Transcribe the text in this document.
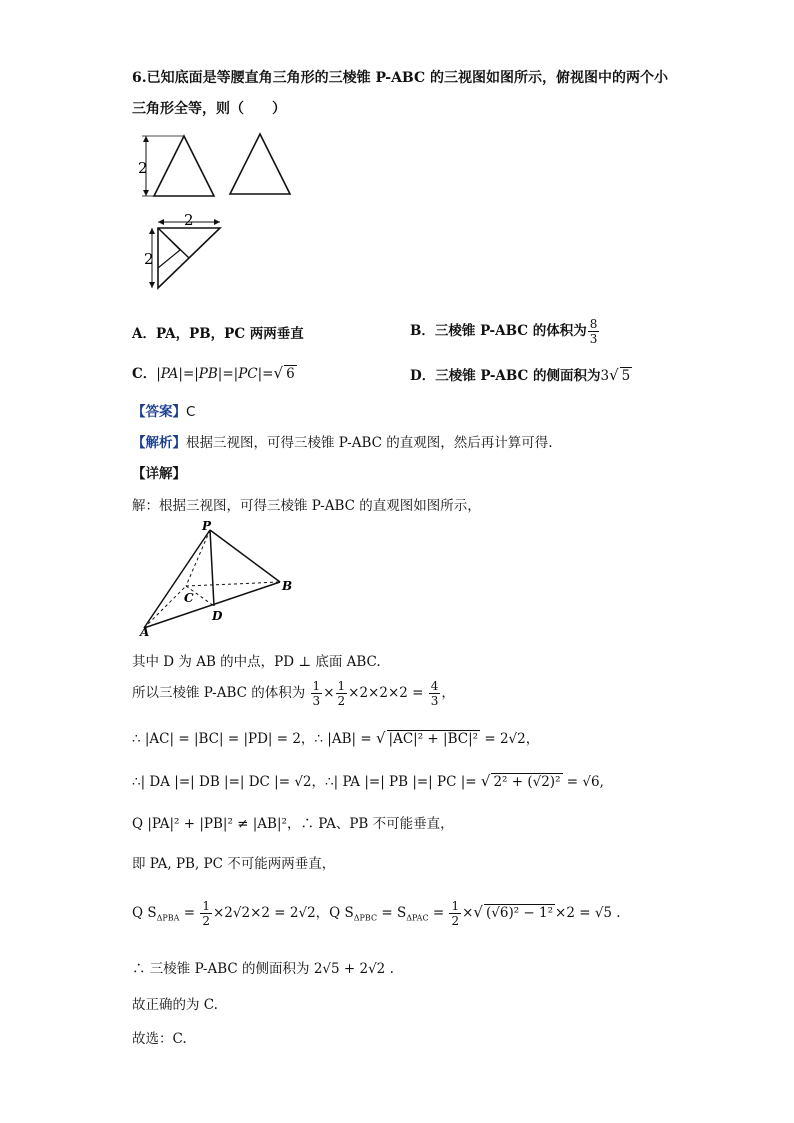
6.已知底面是等腰直角三角形的三棱锥 P-ABC 的三视图如图所示，俯视图中的两个小
三角形全等，则（　　）
2
2
2
A．PA，PB，PC 两两垂直	B．三棱锥 P-ABC 的体积为 $\frac{8}{3}$
C．|PA|=|PB|=|PC|=√ 6	D．三棱锥 P-ABC 的侧面积为3√ 5
【答案】C
【解析】根据三视图，可得三棱锥 P-ABC 的直观图，然后再计算可得.
【详解】
解：根据三视图，可得三棱锥 P-ABC 的直观图如图所示，
P
B
C
D
A
其中 D 为 AB 的中点，PD ⊥ 底面 ABC.
所以三棱锥 P-ABC 的体积为 $\frac{1}{3} \times \frac{1}{2} \times 2\times 2\times 2 = \frac{4}{3}$ ，
∴ |AC| = |BC| = |PD| = 2，∴ |AB| = √ |AC|² + |BC|² = 2√2，
∴| DA |=| DB |=| DC |= √2，∴| PA |=| PB |=| PC |= √ 2² + (√2)² = √6,
Q |PA|² + |PB|² ≠ |AB|²，∴ PA、PB 不可能垂直，
即 PA, PB, PC 不可能两两垂直，
Q $S_{\Delta PBA} = \frac{1}{2} \times 2√2\times 2 = 2√2$，Q $S_{\Delta PBC} = S_{\Delta PAC} = \frac{1}{2}$ ×√ (√6)² − 1² ×2 = √5 .
∴ 三棱锥 P-ABC 的侧面积为 2√5 + 2√2 .
故正确的为 C.
故选：C.
